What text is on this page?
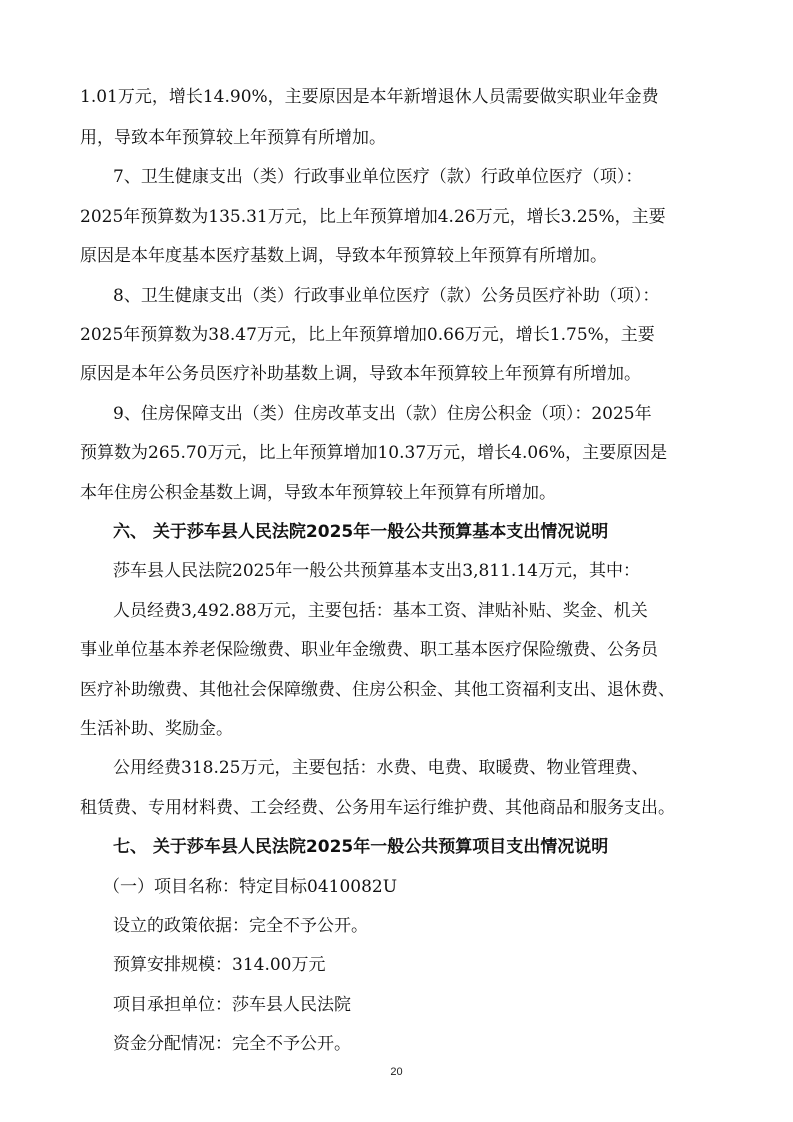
1.01万元，增长14.90%，主要原因是本年新增退休人员需要做实职业年金费
用，导致本年预算较上年预算有所增加。
7、卫生健康支出（类）行政事业单位医疗（款）行政单位医疗（项）：
2025年预算数为135.31万元，比上年预算增加4.26万元，增长3.25%，主要
原因是本年度基本医疗基数上调，导致本年预算较上年预算有所增加。
8、卫生健康支出（类）行政事业单位医疗（款）公务员医疗补助（项）：
2025年预算数为38.47万元，比上年预算增加0.66万元，增长1.75%，主要
原因是本年公务员医疗补助基数上调，导致本年预算较上年预算有所增加。
9、住房保障支出（类）住房改革支出（款）住房公积金（项）：2025年
预算数为265.70万元，比上年预算增加10.37万元，增长4.06%，主要原因是
本年住房公积金基数上调，导致本年预算较上年预算有所增加。
六、 关于莎车县人民法院2025年一般公共预算基本支出情况说明
莎车县人民法院2025年一般公共预算基本支出3,811.14万元，其中：
人员经费3,492.88万元，主要包括：基本工资、津贴补贴、奖金、机关
事业单位基本养老保险缴费、职业年金缴费、职工基本医疗保险缴费、公务员
医疗补助缴费、其他社会保障缴费、住房公积金、其他工资福利支出、退休费、
生活补助、奖励金。
公用经费318.25万元，主要包括：水费、电费、取暖费、物业管理费、
租赁费、专用材料费、工会经费、公务用车运行维护费、其他商品和服务支出。
七、 关于莎车县人民法院2025年一般公共预算项目支出情况说明
（一）项目名称：特定目标0410082U
设立的政策依据：完全不予公开。
预算安排规模：314.00万元
项目承担单位：莎车县人民法院
资金分配情况：完全不予公开。
20
